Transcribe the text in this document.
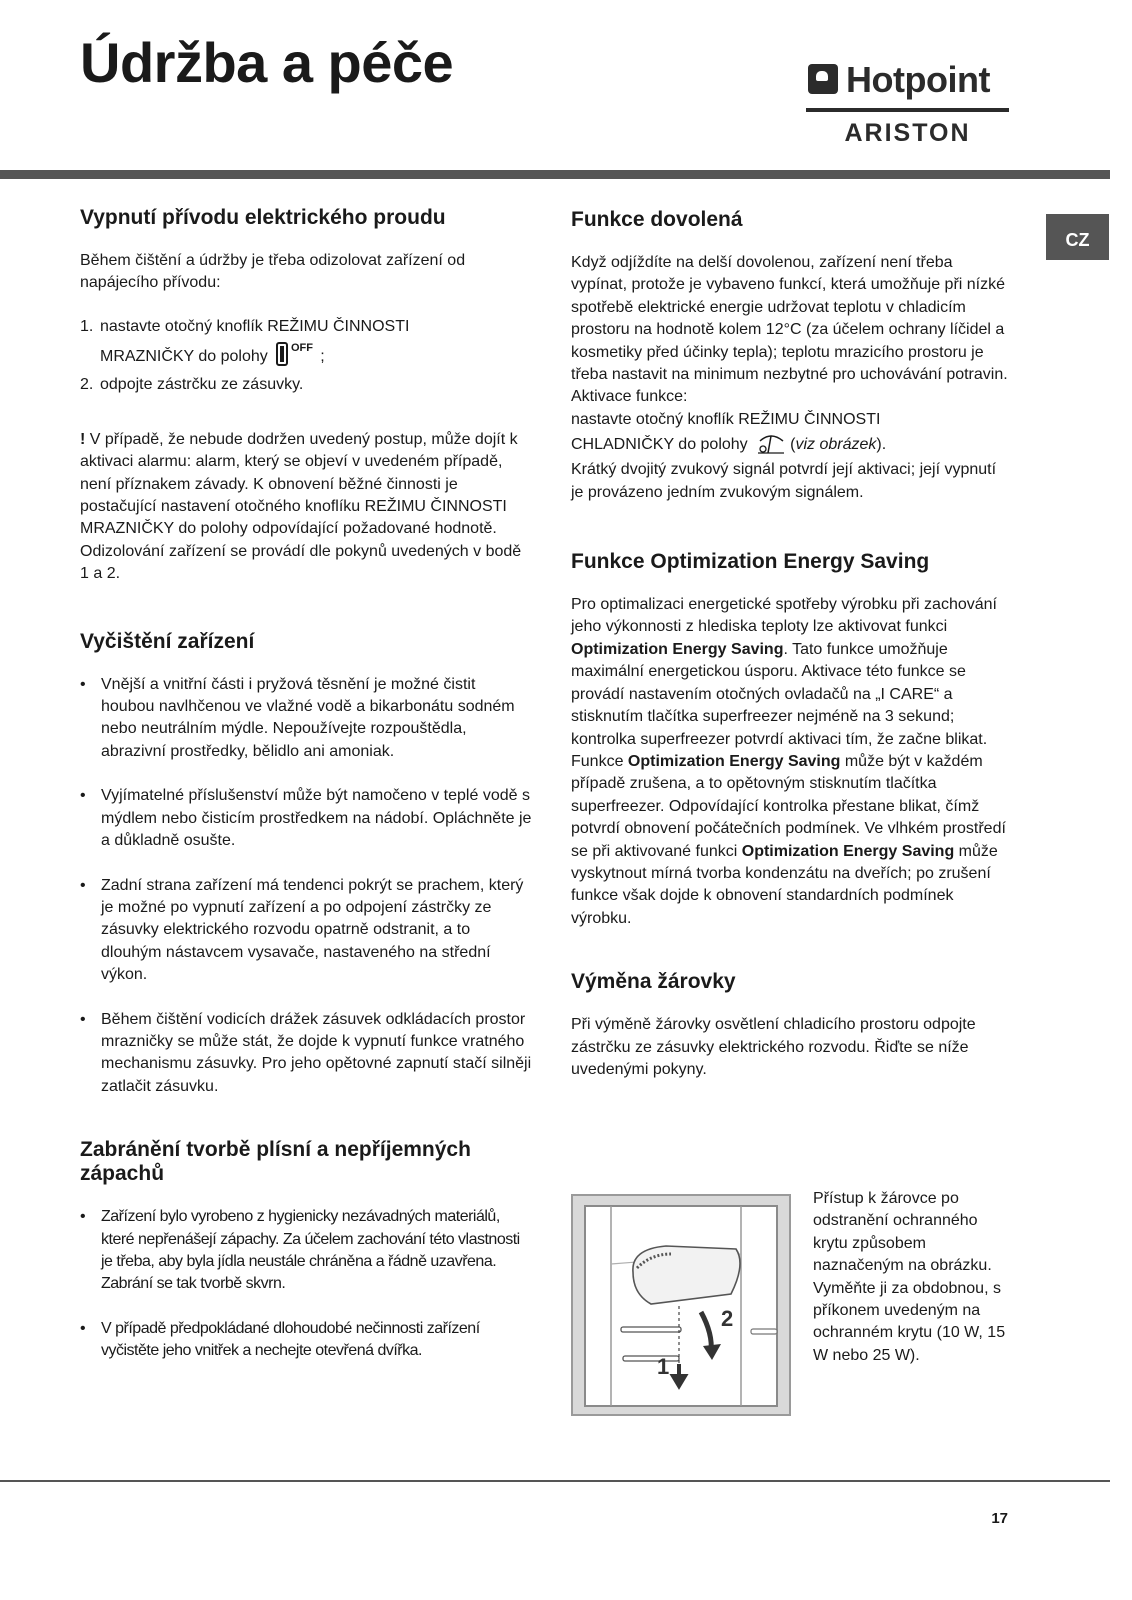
Údržba a péče	Hotpoint
ARISTON
CZ
Vypnutí přívodu elektrického proudu

Během čištění a údržby je třeba odizolovat zařízení od napájecího přívodu:

1. nastavte otočný knoflík REŽIMU ČINNOSTI
MRAZNIČKY do polohy OFF ;
2. odpojte zástrčku ze zásuvky.

! V případě, že nebude dodržen uvedený postup, může dojít k aktivaci alarmu: alarm, který se objeví v uvedeném případě, není příznakem závady. K obnovení běžné činnosti je postačující nastavení otočného knoflíku REŽIMU ČINNOSTI MRAZNIČKY do polohy odpovídající požadované hodnotě. Odizolování zařízení se provádí dle pokynů uvedených v bodě 1 a 2.

Vyčištění zařízení
• Vnější a vnitřní části i pryžová těsnění je možné čistit houbou navlhčenou ve vlažné vodě a bikarbonátu sodném nebo neutrálním mýdle. Nepoužívejte rozpouštědla, abrazivní prostředky, bělidlo ani amoniak.
• Vyjímatelné příslušenství může být namočeno v teplé vodě s mýdlem nebo čisticím prostředkem na nádobí. Opláchněte je a důkladně osušte.
• Zadní strana zařízení má tendenci pokrýt se prachem, který je možné po vypnutí zařízení a po odpojení zástrčky ze zásuvky elektrického rozvodu opatrně odstranit, a to dlouhým nástavcem vysavače, nastaveného na střední výkon.
• Během čištění vodicích drážek zásuvek odkládacích prostor mrazničky se může stát, že dojde k vypnutí funkce vratného mechanismu zásuvky. Pro jeho opětovné zapnutí stačí silněji zatlačit zásuvku.
Zabránění tvorbě plísní a nepříjemných zápachů
• Zařízení bylo vyrobeno z hygienicky nezávadných materiálů, které nepřenášejí zápachy. Za účelem zachování této vlastnosti je třeba, aby byla jídla neustále chráněna a řádně uzavřena. Zabrání se tak tvorbě skvrn.
• V případě předpokládané dlohoudobé nečinnosti zařízení vyčistěte jeho vnitřek a nechejte otevřená dvířka.
Funkce dovolená

Když odjíždíte na delší dovolenou, zařízení není třeba vypínat, protože je vybaveno funkcí, která umožňuje při nízké spotřebě elektrické energie udržovat teplotu v chladicím prostoru na hodnotě kolem 12°C (za účelem ochrany líčidel a kosmetiky před účinky tepla); teplotu mrazicího prostoru je třeba nastavit na minimum nezbytné pro uchovávání potravin.

Aktivace funkce:

nastavte otočný knoflík REŽIMU ČINNOSTI

CHLADNIČKY do polohy	(viz obrázek).

Krátký dvojitý zvukový signál potvrdí její aktivaci; její vypnutí je provázeno jedním zvukovým signálem.

Funkce Optimization Energy Saving

Pro optimalizaci energetické spotřeby výrobku při zachování jeho výkonnosti z hlediska teploty lze aktivovat funkci Optimization Energy Saving. Tato funkce umožňuje maximální energetickou úsporu. Aktivace této funkce se provádí nastavením otočných ovladačů na „I CARE“ a stisknutím tlačítka superfreezer nejméně na 3 sekund; kontrolka superfreezer potvrdí aktivaci tím, že začne blikat. Funkce Optimization Energy Saving může být v každém případě zrušena, a to opětovným stisknutím tlačítka superfreezer. Odpovídající kontrolka přestane blikat, čímž potvrdí obnovení počátečních podmínek. Ve vlhkém prostředí se při aktivované funkci Optimization Energy Saving může vyskytnout mírná tvorba kondenzátu na dveřích; po zrušení funkce však dojde k obnovení standardních podmínek výrobku.

Výměna žárovky

Při výměně žárovky osvětlení chladicího prostoru odpojte zástrčku ze zásuvky elektrického rozvodu. Řiďte se níže uvedenými pokyny.

1
2

Přístup k žárovce po odstranění ochranného krytu způsobem naznačeným na obrázku.

Vyměňte ji za obdobnou, s příkonem uvedeným na ochranném krytu (10 W, 15 W nebo 25 W).

17
